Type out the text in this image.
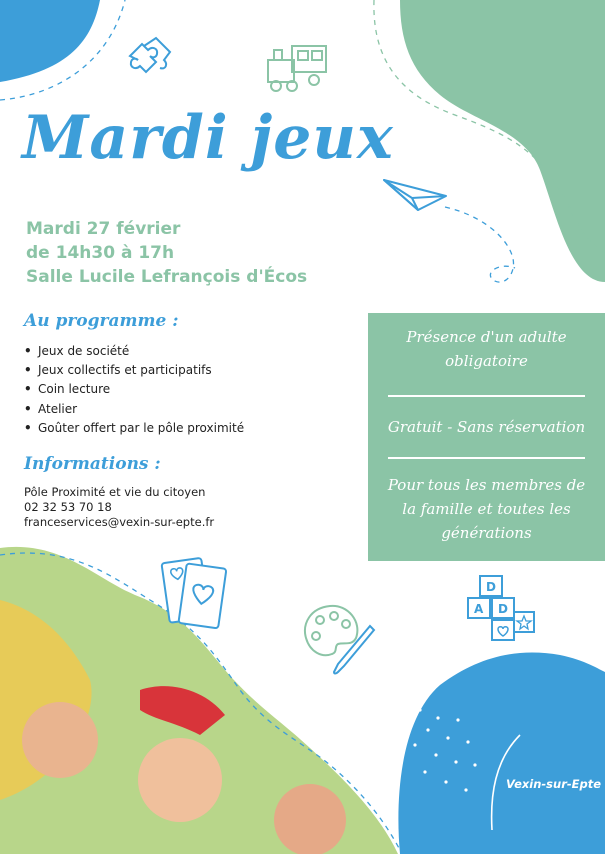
D
A D
Mardi jeux

Mardi 27 février

de 14h30 à 17h

Salle Lucile Lefrançois d'Écos

Au programme :
• Jeux de société
• Jeux collectifs et participatifs
• Coin lecture
• Atelier
• Goûter offert par le pôle proximité
Informations :
Pôle Proximité et vie du citoyen
02 32 53 70 18
franceservices@vexin-sur-epte.fr
Présence d'un adulte obligatoire
Gratuit - Sans réservation
Pour tous les membres de la famille et toutes les générations
Vexin-sur-Epte
